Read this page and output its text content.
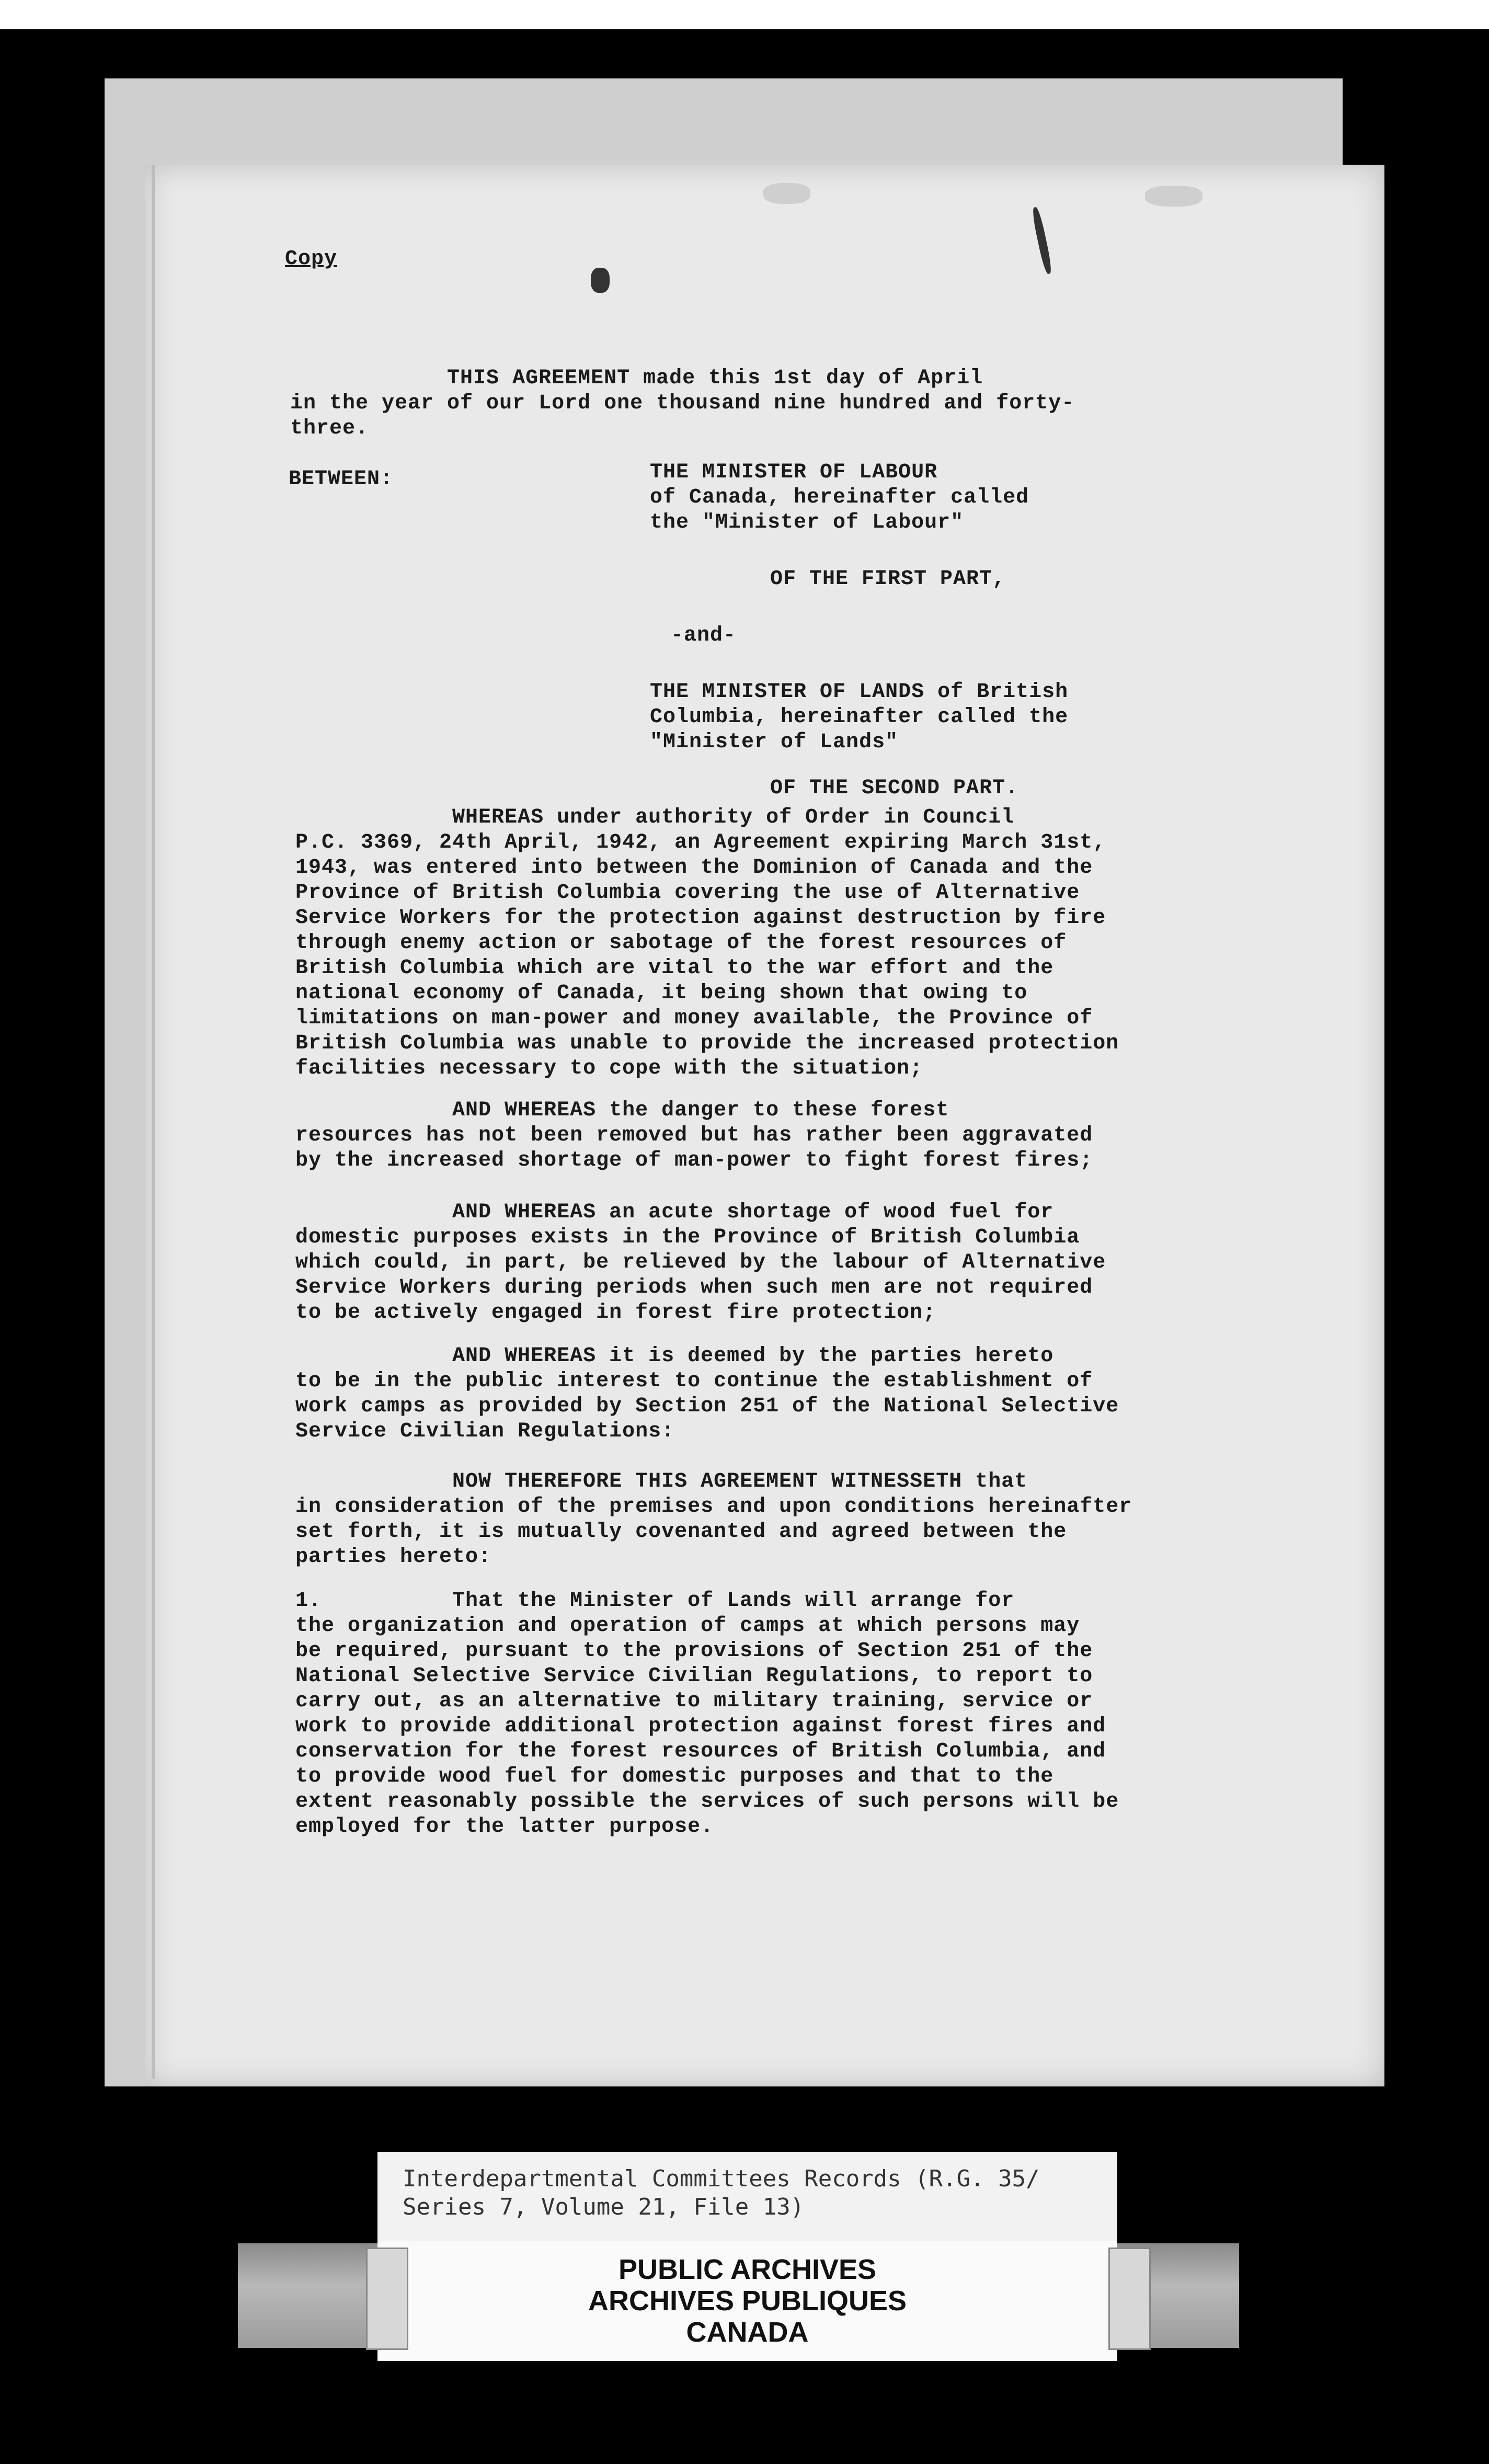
Copy
THIS AGREEMENT made this 1st day of April
in the year of our Lord one thousand nine hundred and forty-
three.
BETWEEN:	THE MINISTER OF LABOUR
of Canada, hereinafter called
the "Minister of Labour"
OF THE FIRST PART,
-and-
THE MINISTER OF LANDS of British
Columbia, hereinafter called the
"Minister of Lands"
OF THE SECOND PART.
WHEREAS under authority of Order in Council
P.C. 3369, 24th April, 1942, an Agreement expiring March 31st,
1943, was entered into between the Dominion of Canada and the
Province of British Columbia covering the use of Alternative
Service Workers for the protection against destruction by fire
through enemy action or sabotage of the forest resources of
British Columbia which are vital to the war effort and the
national economy of Canada, it being shown that owing to
limitations on man-power and money available, the Province of
British Columbia was unable to provide the increased protection
facilities necessary to cope with the situation;
AND WHEREAS the danger to these forest
resources has not been removed but has rather been aggravated
by the increased shortage of man-power to fight forest fires;
AND WHEREAS an acute shortage of wood fuel for
domestic purposes exists in the Province of British Columbia
which could, in part, be relieved by the labour of Alternative
Service Workers during periods when such men are not required
to be actively engaged in forest fire protection;
AND WHEREAS it is deemed by the parties hereto
to be in the public interest to continue the establishment of
work camps as provided by Section 251 of the National Selective
Service Civilian Regulations:
NOW THEREFORE THIS AGREEMENT WITNESSETH that
in consideration of the premises and upon conditions hereinafter
set forth, it is mutually covenanted and agreed between the
parties hereto:
1.          That the Minister of Lands will arrange for
the organization and operation of camps at which persons may
be required, pursuant to the provisions of Section 251 of the
National Selective Service Civilian Regulations, to report to
carry out, as an alternative to military training, service or
work to provide additional protection against forest fires and
conservation for the forest resources of British Columbia, and
to provide wood fuel for domestic purposes and that to the
extent reasonably possible the services of such persons will be
employed for the latter purpose.
Interdepartmental Committees Records (R.G. 35/
Series 7, Volume 21, File 13)
PUBLIC ARCHIVES
ARCHIVES PUBLIQUES
CANADA
